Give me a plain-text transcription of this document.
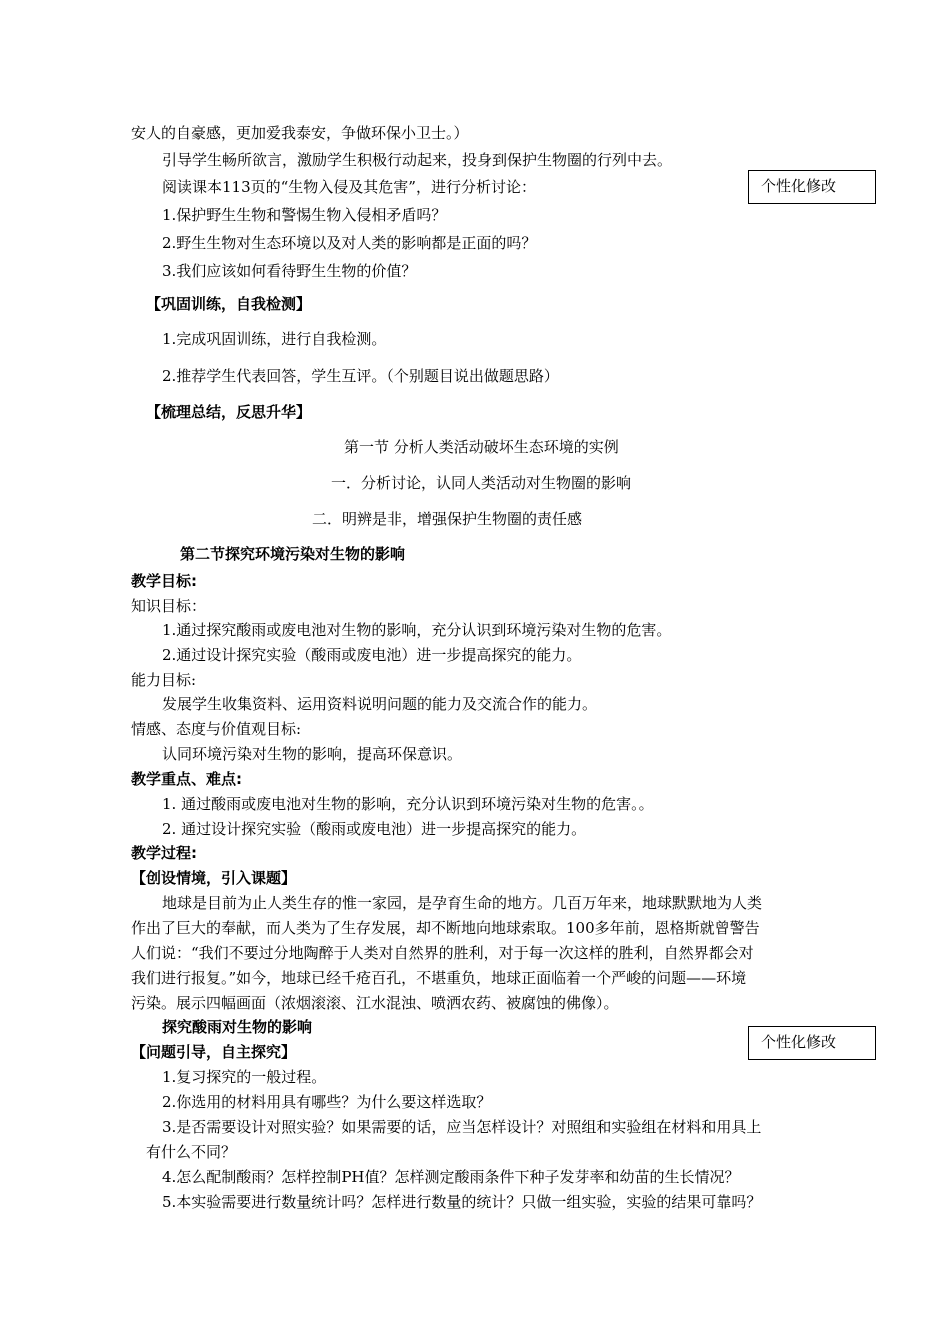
个性化修改
个性化修改
安人的自豪感，更加爱我泰安，争做环保小卫士。）
引导学生畅所欲言，激励学生积极行动起来，投身到保护生物圈的行列中去。
阅读课本113页的“生物入侵及其危害”，进行分析讨论：
1.保护野生生物和警惕生物入侵相矛盾吗？
2.野生生物对生态环境以及对人类的影响都是正面的吗？
3.我们应该如何看待野生生物的价值？
【巩固训练，自我检测】
1.完成巩固训练，进行自我检测。
2.推荐学生代表回答，学生互评。（个别题目说出做题思路）
【梳理总结，反思升华】
第一节 分析人类活动破坏生态环境的实例
一．分析讨论，认同人类活动对生物圈的影响
二．明辨是非，增强保护生物圈的责任感
第二节探究环境污染对生物的影响
教学目标:
知识目标：
1.通过探究酸雨或废电池对生物的影响，充分认识到环境污染对生物的危害。
2.通过设计探究实验（酸雨或废电池）进一步提高探究的能力。
能力目标:
发展学生收集资料、运用资料说明问题的能力及交流合作的能力。
情感、态度与价值观目标:
认同环境污染对生物的影响，提高环保意识。
教学重点、难点:
1. 通过酸雨或废电池对生物的影响，充分认识到环境污染对生物的危害。。
2. 通过设计探究实验（酸雨或废电池）进一步提高探究的能力。
教学过程:
【创设情境，引入课题】
地球是目前为止人类生存的惟一家园，是孕育生命的地方。几百万年来，地球默默地为人类
作出了巨大的奉献，而人类为了生存发展，却不断地向地球索取。100多年前，恩格斯就曾警告
人们说：“我们不要过分地陶醉于人类对自然界的胜利，对于每一次这样的胜利，自然界都会对
我们进行报复。”如今，地球已经千疮百孔，不堪重负，地球正面临着一个严峻的问题——环境
污染。展示四幅画面（浓烟滚滚、江水混浊、喷洒农药、被腐蚀的佛像）。
探究酸雨对生物的影响
【问题引导，自主探究】
1.复习探究的一般过程。
2.你选用的材料用具有哪些？为什么要这样选取？
3.是否需要设计对照实验？如果需要的话，应当怎样设计？对照组和实验组在材料和用具上
有什么不同？
4.怎么配制酸雨？怎样控制PH值？怎样测定酸雨条件下种子发芽率和幼苗的生长情况？
5.本实验需要进行数量统计吗？怎样进行数量的统计？只做一组实验，实验的结果可靠吗？
